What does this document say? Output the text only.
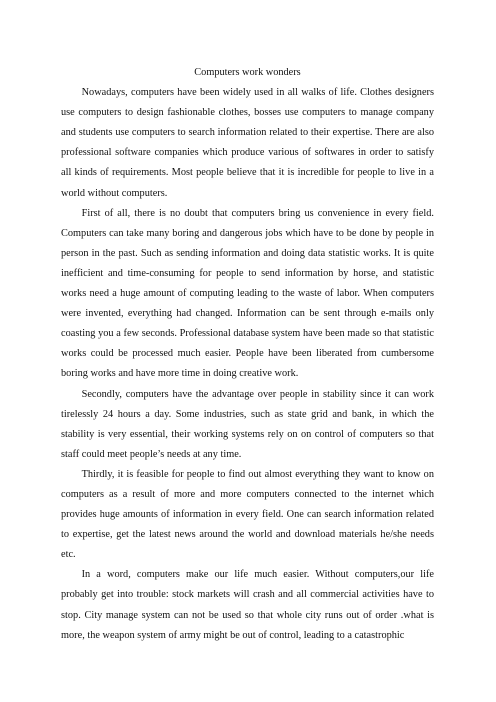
Computers work wonders

Nowadays, computers have been widely used in all walks of life. Clothes designers use computers to design fashionable clothes, bosses use computers to manage company and students use computers to search information related to their expertise. There are also professional software companies which produce various of softwares in order to satisfy all kinds of requirements. Most people believe that it is incredible for people to live in a world without computers.

First of all, there is no doubt that computers bring us convenience in every field. Computers can take many boring and dangerous jobs which have to be done by people in person in the past. Such as sending information and doing data statistic works. It is quite inefficient and time-consuming for people to send information by horse, and statistic works need a huge amount of computing leading to the waste of labor. When computers were invented, everything had changed. Information can be sent through e-mails only coasting you a few seconds. Professional database system have been made so that statistic works could be processed much easier. People have been liberated from cumbersome boring works and have more time in doing creative work.

Secondly, computers have the advantage over people in stability since it can work tirelessly 24 hours a day. Some industries, such as state grid and bank, in which the stability is very essential, their working systems rely on on control of computers so that staff could meet people’s needs at any time.

Thirdly, it is feasible for people to find out almost everything they want to know on computers as a result of more and more computers connected to the internet which provides huge amounts of information in every field. One can search information related to expertise, get the latest news around the world and download materials he/she needs etc.

In a word, computers make our life much easier. Without computers,our life probably get into trouble: stock markets will crash and all commercial activities have to stop. City manage system can not be used so that whole city runs out of order .what is more, the weapon system of army might be out of control, leading to a catastrophic
